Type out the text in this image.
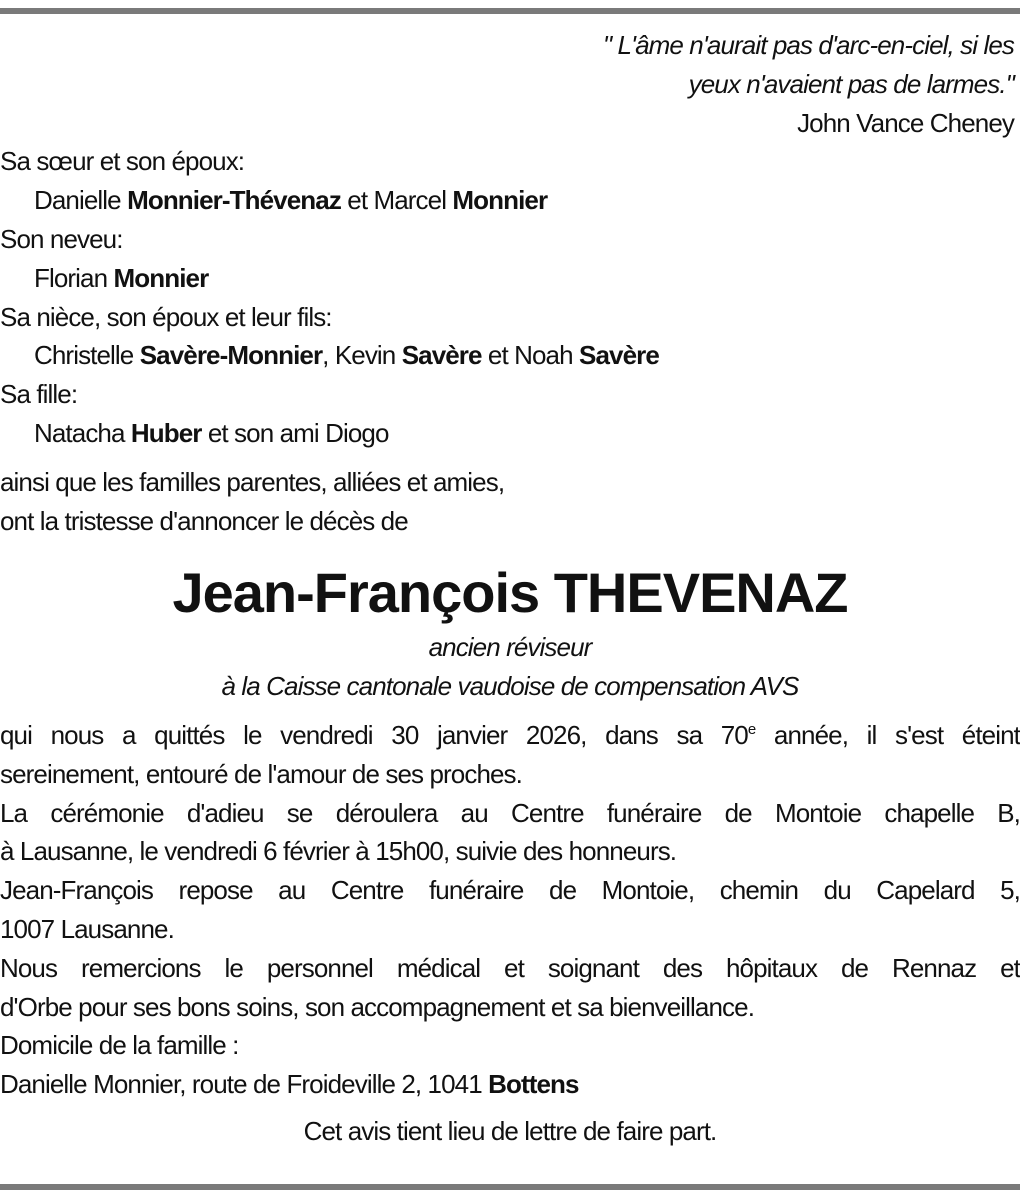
" L'âme n'aurait pas d'arc-en-ciel, si les
yeux n'avaient pas de larmes."
John Vance Cheney
Sa sœur et son époux:
Danielle Monnier-Thévenaz et Marcel Monnier
Son neveu:
Florian Monnier
Sa nièce, son époux et leur fils:
Christelle Savère-Monnier, Kevin Savère et Noah Savère
Sa fille:
Natacha Huber et son ami Diogo
ainsi que les familles parentes, alliées et amies,
ont la tristesse d'annoncer le décès de
Jean-François THEVENAZ
ancien réviseur
à la Caisse cantonale vaudoise de compensation AVS
qui nous a quittés le vendredi 30 janvier 2026, dans sa 70e année, il s'est éteint
sereinement, entouré de l'amour de ses proches.
La cérémonie d'adieu se déroulera au Centre funéraire de Montoie chapelle B,
à Lausanne, le vendredi 6 février à 15h00, suivie des honneurs.
Jean-François repose au Centre funéraire de Montoie, chemin du Capelard 5,
1007 Lausanne.
Nous remercions le personnel médical et soignant des hôpitaux de Rennaz et
d'Orbe pour ses bons soins, son accompagnement et sa bienveillance.
Domicile de la famille :
Danielle Monnier, route de Froideville 2, 1041 Bottens
Cet avis tient lieu de lettre de faire part.
